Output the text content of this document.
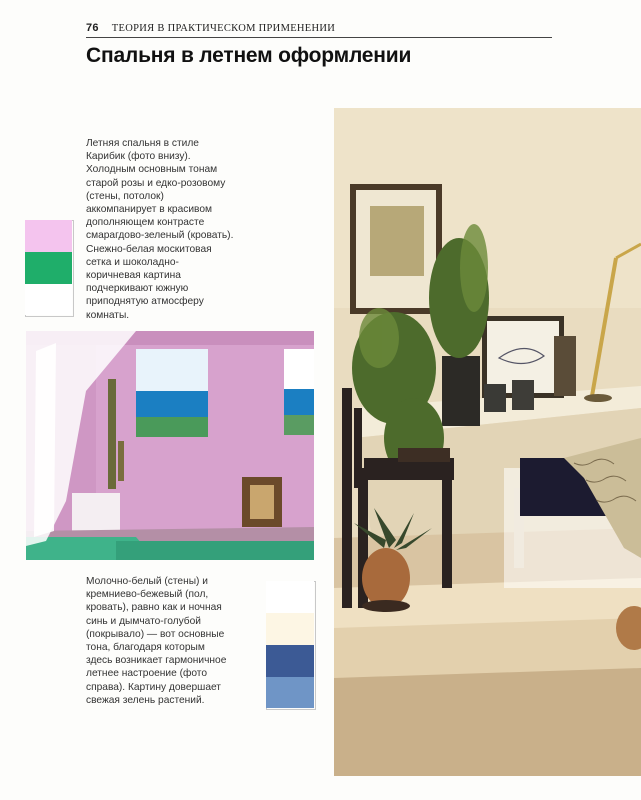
76 ТЕОРИЯ В ПРАКТИЧЕСКОМ ПРИМЕНЕНИИ
Спальня в летнем оформлении
Летняя спальня в стиле
Карибик (фото внизу).
Холодным основным тонам
старой розы и едко-розовому
(стены, потолок)
аккомпанирует в красивом
дополняющем контрасте
смарагдово-зеленый (кровать).
Снежно-белая москитовая
сетка и шоколадно-
коричневая картина
подчеркивают южную
приподнятую атмосферу
комнаты.
Молочно-белый (стены) и
кремниево-бежевый (пол,
кровать), равно как и ночная
синь и дымчато-голубой
(покрывало) — вот основные
тона, благодаря которым
здесь возникает гармоничное
летнее настроение (фото
справа). Картину довершает
свежая зелень растений.
